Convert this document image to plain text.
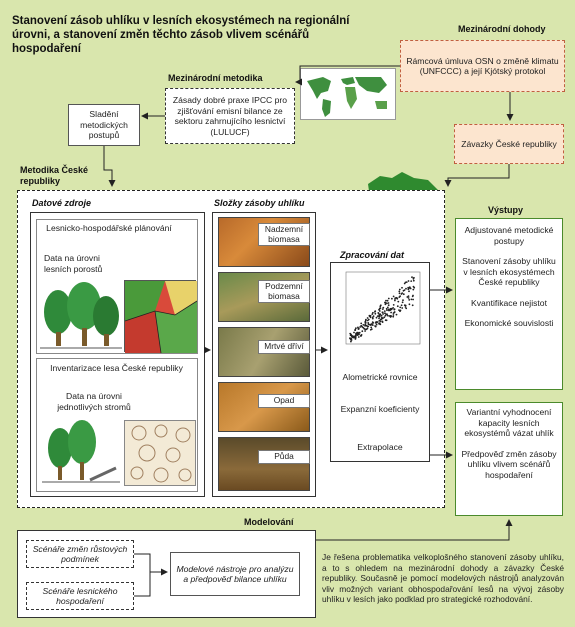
Stanovení zásob uhlíku v lesních ekosystémech na regionální úrovni, a stanovení změn těchto zásob vlivem scénářů hospodaření
Mezinárodní dohody
Rámcová úmluva OSN o změně klimatu (UNFCCC) a její Kjótský protokol
Mezinárodní metodika
Zásady dobré praxe IPCC pro zjišťování emisní bilance ze sektoru zahrnujícího lesnictví (LULUCF)
Sladění metodických postupů
Závazky České republiky
Metodika České republiky
Datové zdroje
Lesnicko-hospodářské plánování
Data na úrovni lesních porostů
Inventarizace lesa České republiky
Data na úrovni jednotlivých stromů
Složky zásoby uhlíku
Nadzemní biomasa
Podzemní biomasa
Mrtvé dříví
Opad
Půda
Zpracování dat
Alometrické rovnice
Expanzní koeficienty
Extrapolace
Výstupy
Adjustované metodické postupy
Stanovení zásoby uhlíku v lesních ekosystémech České republiky
Kvantifikace nejistot
Ekonomické souvislosti
Variantní vyhodnocení kapacity lesních ekosystémů vázat uhlík
Předpověď změn zásoby uhlíku vlivem scénářů hospodaření
Modelování
Scénáře změn růstových podmínek
Scénáře lesnického hospodaření
Modelové nástroje pro analýzu a předpověď bilance uhlíku
Je řešena problematika velkoplošného stanovení zásoby uhlíku, a to s ohledem na mezinárodní dohody a závazky České republiky. Současně je pomocí modelových nástrojů analyzován vliv možných variant obhospodařování lesů na vývoj zásoby uhlíku v lesích jako podklad pro strategické rozhodování.
